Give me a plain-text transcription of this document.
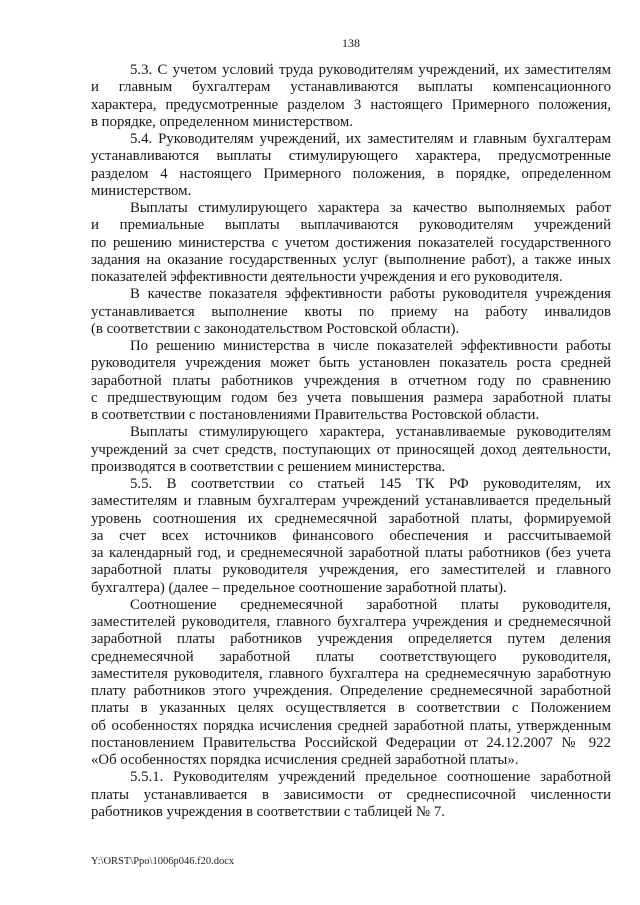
138
5.3. С учетом условий труда руководителям учреждений, их заместителям
и главным бухгалтерам устанавливаются выплаты компенсационного
характера, предусмотренные разделом 3 настоящего Примерного положения,
в порядке, определенном министерством.
5.4. Руководителям учреждений, их заместителям и главным бухгалтерам
устанавливаются выплаты стимулирующего характера, предусмотренные
разделом 4 настоящего Примерного положения, в порядке, определенном
министерством.
Выплаты стимулирующего характера за качество выполняемых работ
и премиальные выплаты выплачиваются руководителям учреждений
по решению министерства с учетом достижения показателей государственного
задания на оказание государственных услуг (выполнение работ), а также иных
показателей эффективности деятельности учреждения и его руководителя.
В качестве показателя эффективности работы руководителя учреждения
устанавливается выполнение квоты по приему на работу инвалидов
(в соответствии с законодательством Ростовской области).
По решению министерства в числе показателей эффективности работы
руководителя учреждения может быть установлен показатель роста средней
заработной платы работников учреждения в отчетном году по сравнению
с предшествующим годом без учета повышения размера заработной платы
в соответствии с постановлениями Правительства Ростовской области.
Выплаты стимулирующего характера, устанавливаемые руководителям
учреждений за счет средств, поступающих от приносящей доход деятельности,
производятся в соответствии с решением министерства.
5.5. В соответствии со статьей 145 ТК РФ руководителям, их
заместителям и главным бухгалтерам учреждений устанавливается предельный
уровень соотношения их среднемесячной заработной платы, формируемой
за счет всех источников финансового обеспечения и рассчитываемой
за календарный год, и среднемесячной заработной платы работников (без учета
заработной платы руководителя учреждения, его заместителей и главного
бухгалтера) (далее – предельное соотношение заработной платы).
Соотношение среднемесячной заработной платы руководителя,
заместителей руководителя, главного бухгалтера учреждения и среднемесячной
заработной платы работников учреждения определяется путем деления
среднемесячной заработной платы соответствующего руководителя,
заместителя руководителя, главного бухгалтера на среднемесячную заработную
плату работников этого учреждения. Определение среднемесячной заработной
платы в указанных целях осуществляется в соответствии с Положением
об особенностях порядка исчисления средней заработной платы, утвержденным
постановлением Правительства Российской Федерации от 24.12.2007 № 922
«Об особенностях порядка исчисления средней заработной платы».
5.5.1. Руководителям учреждений предельное соотношение заработной
платы устанавливается в зависимости от среднесписочной численности
работников учреждения в соответствии с таблицей № 7.
Y:\ORST\Ppo\1006p046.f20.docx
